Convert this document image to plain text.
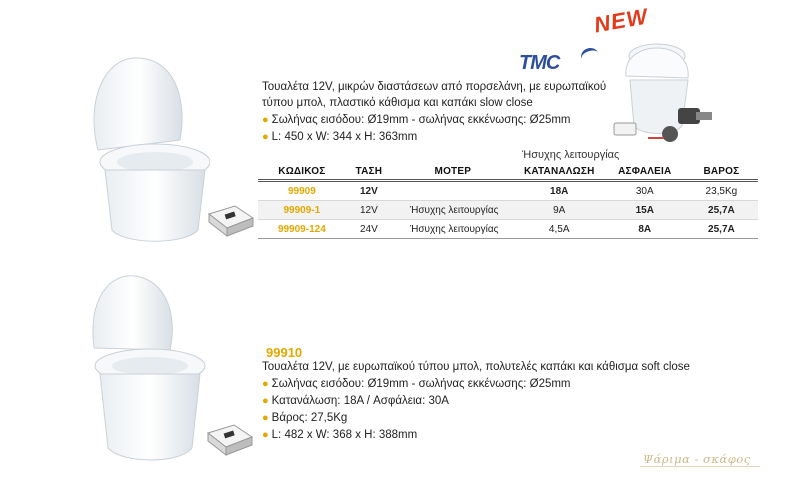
NEW
TMC
Τουαλέτα 12V, μικρών διαστάσεων από πορσελάνη, με ευρωπαϊκού
τύπου μπολ, πλαστικό κάθισμα και καπάκι slow close
● Σωλήνας εισόδου: Ø19mm - σωλήνας εκκένωσης: Ø25mm
● L: 450 x W: 344 x H: 363mm
Ήσυχης λειτουργίας
ΚΩΔΙΚΟΣ	ΤΑΣΗ	ΜΟΤΕΡ	ΚΑΤΑΝΑΛΩΣΗ	ΑΣΦΑΛΕΙΑ	ΒΑΡΟΣ
99909	12V		18A	30A	23,5Kg
99909-1	12V	Ήσυχης λειτουργίας	9A	15A	25,7A
99909-124	24V	Ήσυχης λειτουργίας	4,5A	8A	25,7A
99910
Τουαλέτα 12V, με ευρωπαϊκού τύπου μπολ, πολυτελές καπάκι και κάθισμα soft close
● Σωλήνας εισόδου: Ø19mm - σωλήνας εκκένωσης: Ø25mm
● Κατανάλωση: 18A / Ασφάλεια: 30A
● Βάρος: 27,5Kg
● L: 482 x W: 368 x H: 388mm
Ψάριμα - σκάφος
